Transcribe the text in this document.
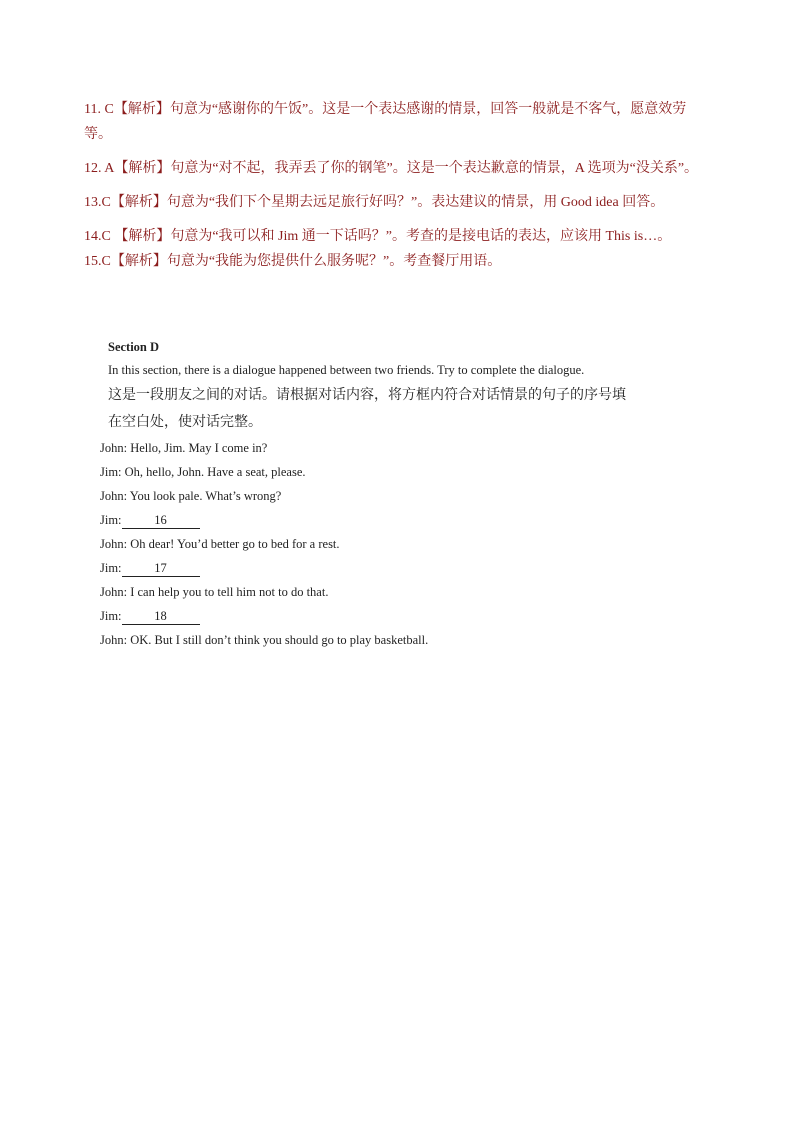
11. C【解析】句意为“感谢你的午饭”。这是一个表达感谢的情景，回答一般就是不客气，愿意效劳等。

12. A【解析】句意为“对不起，我弄丢了你的钢笔”。这是一个表达歉意的情景，A 选项为“没关系”。

13.C【解析】句意为“我们下个星期去远足旅行好吗？”。表达建议的情景，用 Good idea 回答。

14.C 【解析】句意为“我可以和 Jim 通一下话吗？”。考查的是接电话的表达，应该用 This is…。

15.C【解析】句意为“我能为您提供什么服务呢？”。考查餐厅用语。

Section D

In this section, there is a dialogue happened between two friends. Try to complete the dialogue.

这是一段朋友之间的对话。请根据对话内容，将方框内符合对话情景的句子的序号填

在空白处，使对话完整。

John: Hello, Jim. May I come in?

Jim: Oh, hello, John. Have a seat, please.

John: You look pale. What’s wrong?

Jim:	16

John: Oh dear! You’d better go to bed for a rest.

Jim:	17

John: I can help you to tell him not to do that.

Jim:	18

John: OK. But I still don’t think you should go to play basketball.
